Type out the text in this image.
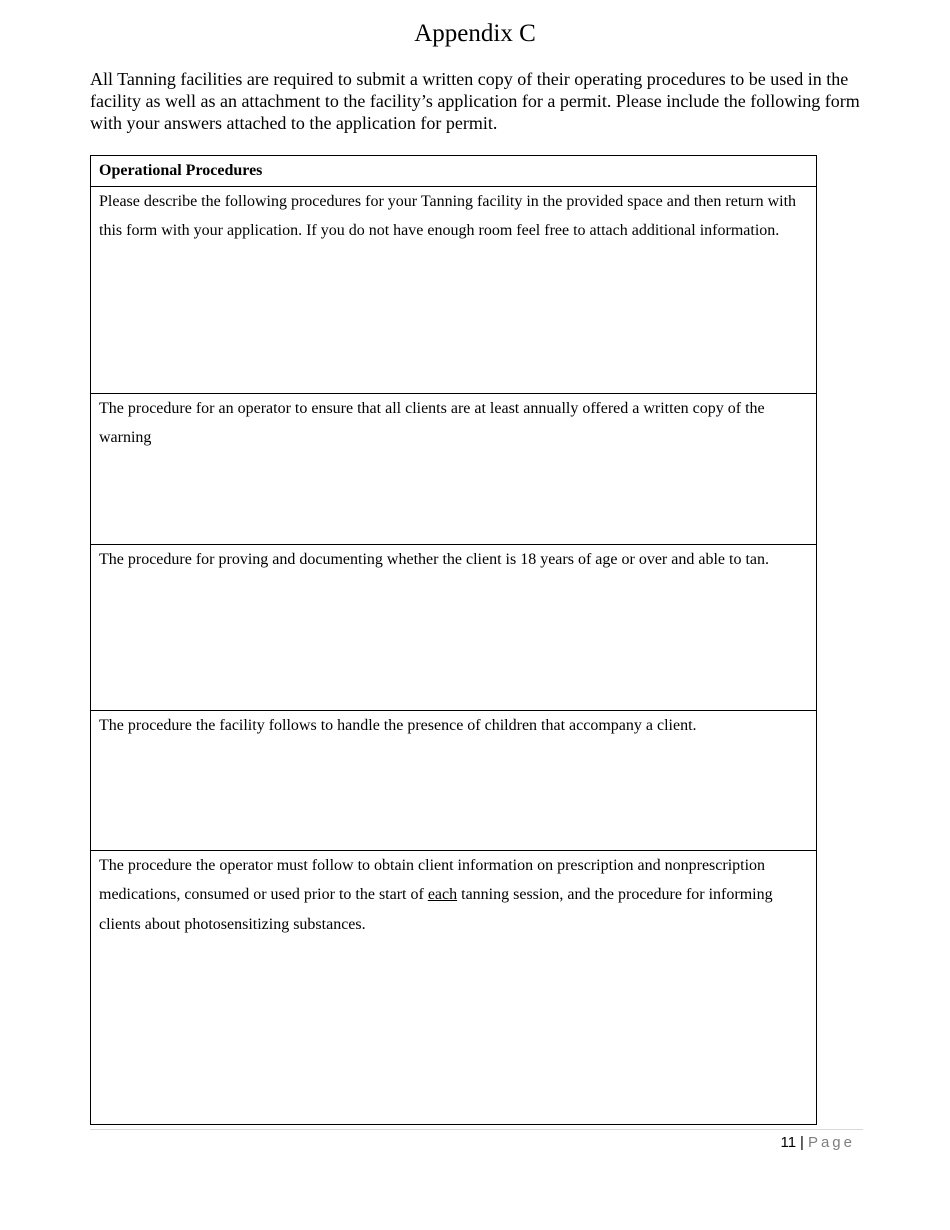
Appendix C
All Tanning facilities are required to submit a written copy of their operating procedures to be used in the facility as well as an attachment to the facility’s application for a permit. Please include the following form with your answers attached to the application for permit.
Operational Procedures

Please describe the following procedures for your Tanning facility in the provided space and then return with this form with your application. If you do not have enough room feel free to attach additional information.

The procedure for an operator to ensure that all clients are at least annually offered a written copy of the warning

The procedure for proving and documenting whether the client is 18 years of age or over and able to tan.

The procedure the facility follows to handle the presence of children that accompany a client.

The procedure the operator must follow to obtain client information on prescription and nonprescription medications, consumed or used prior to the start of each tanning session, and the procedure for informing clients about photosensitizing substances.
11 | Page
